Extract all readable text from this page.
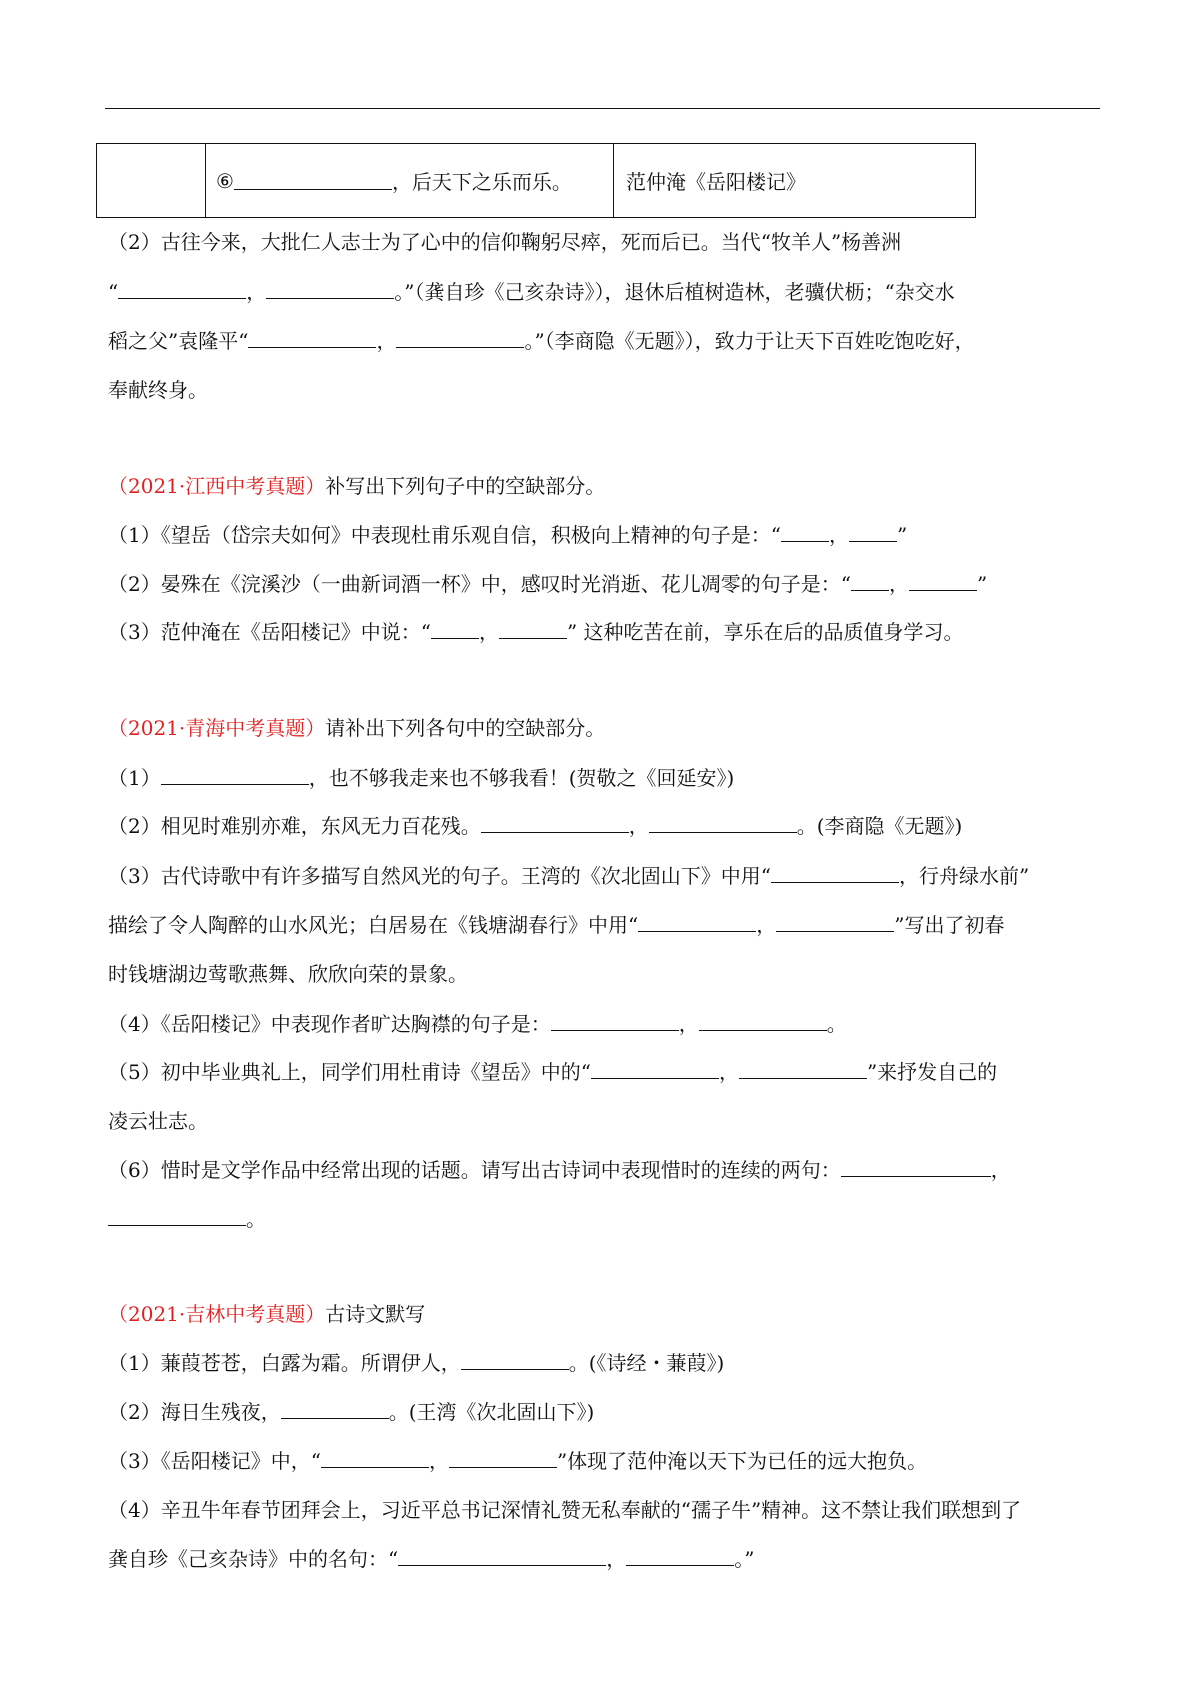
⑥	，后天下之乐而乐。	范仲淹《岳阳楼记》
（2）古往今来，大批仁人志士为了心中的信仰鞠躬尽瘁，死而后已。当代“牧羊人”杨善洲
“	，	。”（龚自珍《己亥杂诗》），退休后植树造林，老骥伏枥；“杂交水
稻之父”袁隆平“	，	。”（李商隐《无题》），致力于让天下百姓吃饱吃好，
奉献终身。
（2021·江西中考真题）补写出下列句子中的空缺部分。
（1）《望岳（岱宗夫如何》中表现杜甫乐观自信，积极向上精神的句子是：“ ， ”
（2）晏殊在《浣溪沙（一曲新词酒一杯》中，感叹时光消逝、花儿凋零的句子是：“ ，	”
（3）范仲淹在《岳阳楼记》中说：“ ，	” 这种吃苦在前，享乐在后的品质值身学习。
（2021·青海中考真题）请补出下列各句中的空缺部分。
（1）	，也不够我走来也不够我看！(贺敬之《回延安》)
（2）相见时难别亦难，东风无力百花残。	，	。(李商隐《无题》)
（3）古代诗歌中有许多描写自然风光的句子。王湾的《次北固山下》中用“	，行舟绿水前”
描绘了令人陶醉的山水风光；白居易在《钱塘湖春行》中用“	，	”写出了初春
时钱塘湖边莺歌燕舞、欣欣向荣的景象。
（4）《岳阳楼记》中表现作者旷达胸襟的句子是：	，	。
（5）初中毕业典礼上，同学们用杜甫诗《望岳》中的“	，	”来抒发自己的
凌云壮志。
（6）惜时是文学作品中经常出现的话题。请写出古诗词中表现惜时的连续的两句：	，
。
（2021·吉林中考真题）古诗文默写
（1）蒹葭苍苍，白露为霜。所谓伊人，	。(《诗经・蒹葭》)
（2）海日生残夜，	。(王湾《次北固山下》)
（3）《岳阳楼记》中，“	，	”体现了范仲淹以天下为已任的远大抱负。
（4）辛丑牛年春节团拜会上，习近平总书记深情礼赞无私奉献的“孺子牛”精神。这不禁让我们联想到了
龚自珍《己亥杂诗》中的名句：“	，	。”
